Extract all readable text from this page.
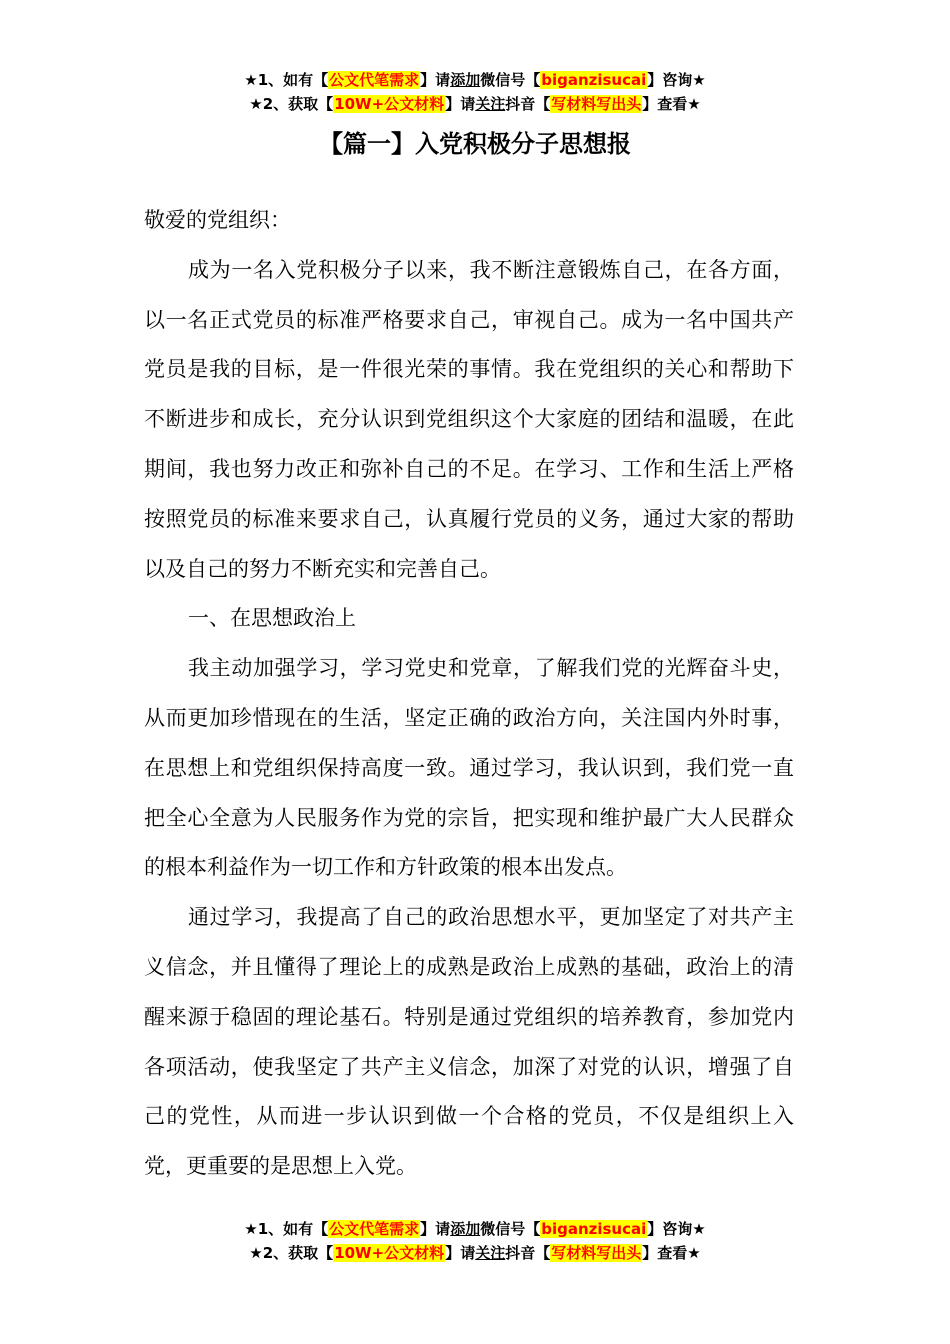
★1、如有【公文代笔需求】请添加微信号【biganzisucai】咨询★
★2、获取【10W+公文材料】请关注抖音【写材料写出头】查看★
【篇一】入党积极分子思想报

敬爱的党组织：

成为一名入党积极分子以来，我不断注意锻炼自己，在各方面，以一名正式党员的标准严格要求自己，审视自己。成为一名中国共产党员是我的目标，是一件很光荣的事情。我在党组织的关心和帮助下不断进步和成长，充分认识到党组织这个大家庭的团结和温暖，在此期间，我也努力改正和弥补自己的不足。在学习、工作和生活上严格按照党员的标准来要求自己，认真履行党员的义务，通过大家的帮助以及自己的努力不断充实和完善自己。

一、在思想政治上

我主动加强学习，学习党史和党章，了解我们党的光辉奋斗史，从而更加珍惜现在的生活，坚定正确的政治方向，关注国内外时事，在思想上和党组织保持高度一致。通过学习，我认识到，我们党一直把全心全意为人民服务作为党的宗旨，把实现和维护最广大人民群众的根本利益作为一切工作和方针政策的根本出发点。

通过学习，我提高了自己的政治思想水平，更加坚定了对共产主义信念，并且懂得了理论上的成熟是政治上成熟的基础，政治上的清醒来源于稳固的理论基石。特别是通过党组织的培养教育，参加党内各项活动，使我坚定了共产主义信念，加深了对党的认识，增强了自己的党性，从而进一步认识到做一个合格的党员，不仅是组织上入党，更重要的是思想上入党。

★1、如有【公文代笔需求】请添加微信号【biganzisucai】咨询★
★2、获取【10W+公文材料】请关注抖音【写材料写出头】查看★
